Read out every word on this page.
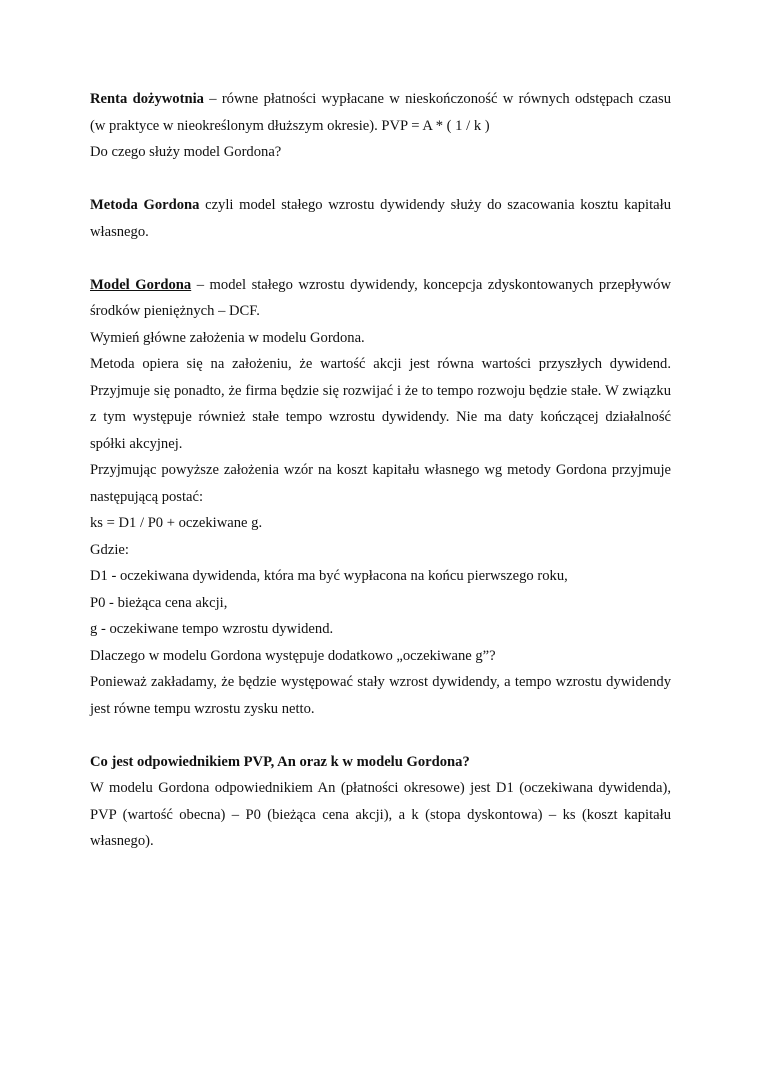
Renta dożywotnia – równe płatności wypłacane w nieskończoność w równych odstępach czasu (w praktyce w nieokreślonym dłuższym okresie). PVP = A * ( 1 / k )

Do czego służy model Gordona?

Metoda Gordona czyli model stałego wzrostu dywidendy służy do szacowania kosztu kapitału własnego.

Model Gordona – model stałego wzrostu dywidendy, koncepcja zdyskontowanych przepływów środków pieniężnych – DCF.

Wymień główne założenia w modelu Gordona.

Metoda opiera się na założeniu, że wartość akcji jest równa wartości przyszłych dywidend. Przyjmuje się ponadto, że firma będzie się rozwijać i że to tempo rozwoju będzie stałe. W związku z tym występuje również stałe tempo wzrostu dywidendy. Nie ma daty kończącej działalność spółki akcyjnej.

Przyjmując powyższe założenia wzór na koszt kapitału własnego wg metody Gordona przyjmuje następującą postać:

ks = D1 / P0 + oczekiwane g.

Gdzie:

D1 - oczekiwana dywidenda, która ma być wypłacona na końcu pierwszego roku,

P0 - bieżąca cena akcji,

g - oczekiwane tempo wzrostu dywidend.

Dlaczego w modelu Gordona występuje dodatkowo „oczekiwane g”?

Ponieważ zakładamy, że będzie występować stały wzrost dywidendy, a tempo wzrostu dywidendy jest równe tempu wzrostu zysku netto.

Co jest odpowiednikiem PVP, An oraz k w modelu Gordona?

W modelu Gordona odpowiednikiem An (płatności okresowe) jest D1 (oczekiwana dywidenda), PVP (wartość obecna) – P0 (bieżąca cena akcji), a k (stopa dyskontowa) – ks (koszt kapitału własnego).
